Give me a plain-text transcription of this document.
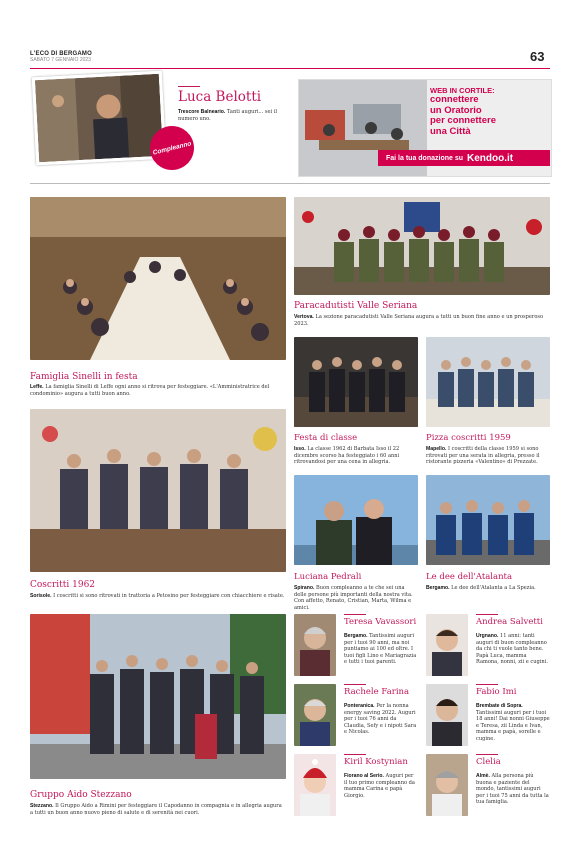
L'ECO DI BERGAMO
SABATO 7 GENNAIO 2023	63
Compleanno
Luca Belotti
Trescore Balneario. Tanti auguri... sei il numero uno.
WEB IN CORTILE:
connettere
un Oratorio
per connettere
una Città
Fai la tua donazione su Kendoo.it
Famiglia Sinelli in festa
Leffe. La famiglia Sinelli di Leffe ogni anno si ritrova per festeggiare. «L'Amministratrice del condominio» augura a tutti buon anno.
Coscritti 1962
Sorisole. I coscritti si sono ritrovati in trattoria a Petosino per festeggiare con chiacchiere e risate.
Gruppo Aido Stezzano
Stezzano. Il Gruppo Aido a Rimini per festeggiare il Capodanno in compagnia e in allegria augura a tutti un buon anno nuovo pieno di salute e di serenità nei cuori.
Paracadutisti Valle Seriana
Vertova. La sezione paracadutisti Valle Seriana augura a tutti un buon fine anno e un prosperoso 2023.
Festa di classe
Isso. La classe 1962 di Barbata Isso il 22 dicembre scorso ha festeggiato i 60 anni ritrovandosi per una cena in allegria.
Pizza coscritti 1959
Mapello. I coscritti della classe 1959 si sono ritrovati per una serata in allegria, presso il ristorante pizzeria «Valentino» di Prezzate.
Luciana Pedrali
Spirano. Buon compleanno a te che sei una delle persone più importanti della nostra vita. Con affetto, Renato, Cristian, Marta, Wilma e amici.
Le dee dell'Atalanta
Bergamo. Le dee dell'Atalanta a La Spezia.
Teresa Vavassori
Bergamo. Tantissimi auguri per i tuoi 90 anni, ma noi puntiamo ai 100 ed oltre. I tuoi figli Lino e Mariagrazia e tutti i tuoi parenti.
Andrea Salvetti
Urgnano. 11 anni: tanti auguri di buon compleanno da chi ti vuole tanto bene. Papà Luca, mamma Ramona, nonni, zii e cugini.
Rachele Farina
Ponteranica. Per la nonna energy saving 2022. Auguri per i tuoi 76 anni da Claudia, Sefy e i nipoti Sara e Nicolas.
Fabio Imi
Brembate di Sopra. Tantissimi auguri per i tuoi 18 anni! Dai nonni Giuseppe e Teresa, zii Linda e Ivan, mamma e papà, sorelle e cugine.
Kiril Kostynian
Fiorano al Serio. Auguri per il tuo primo compleanno da mamma Carina e papà Giorgio.
Clelia
Almè. Alla persona più buona e paziente del mondo, tantissimi auguri per i tuoi 75 anni da tutta la tua famiglia.
